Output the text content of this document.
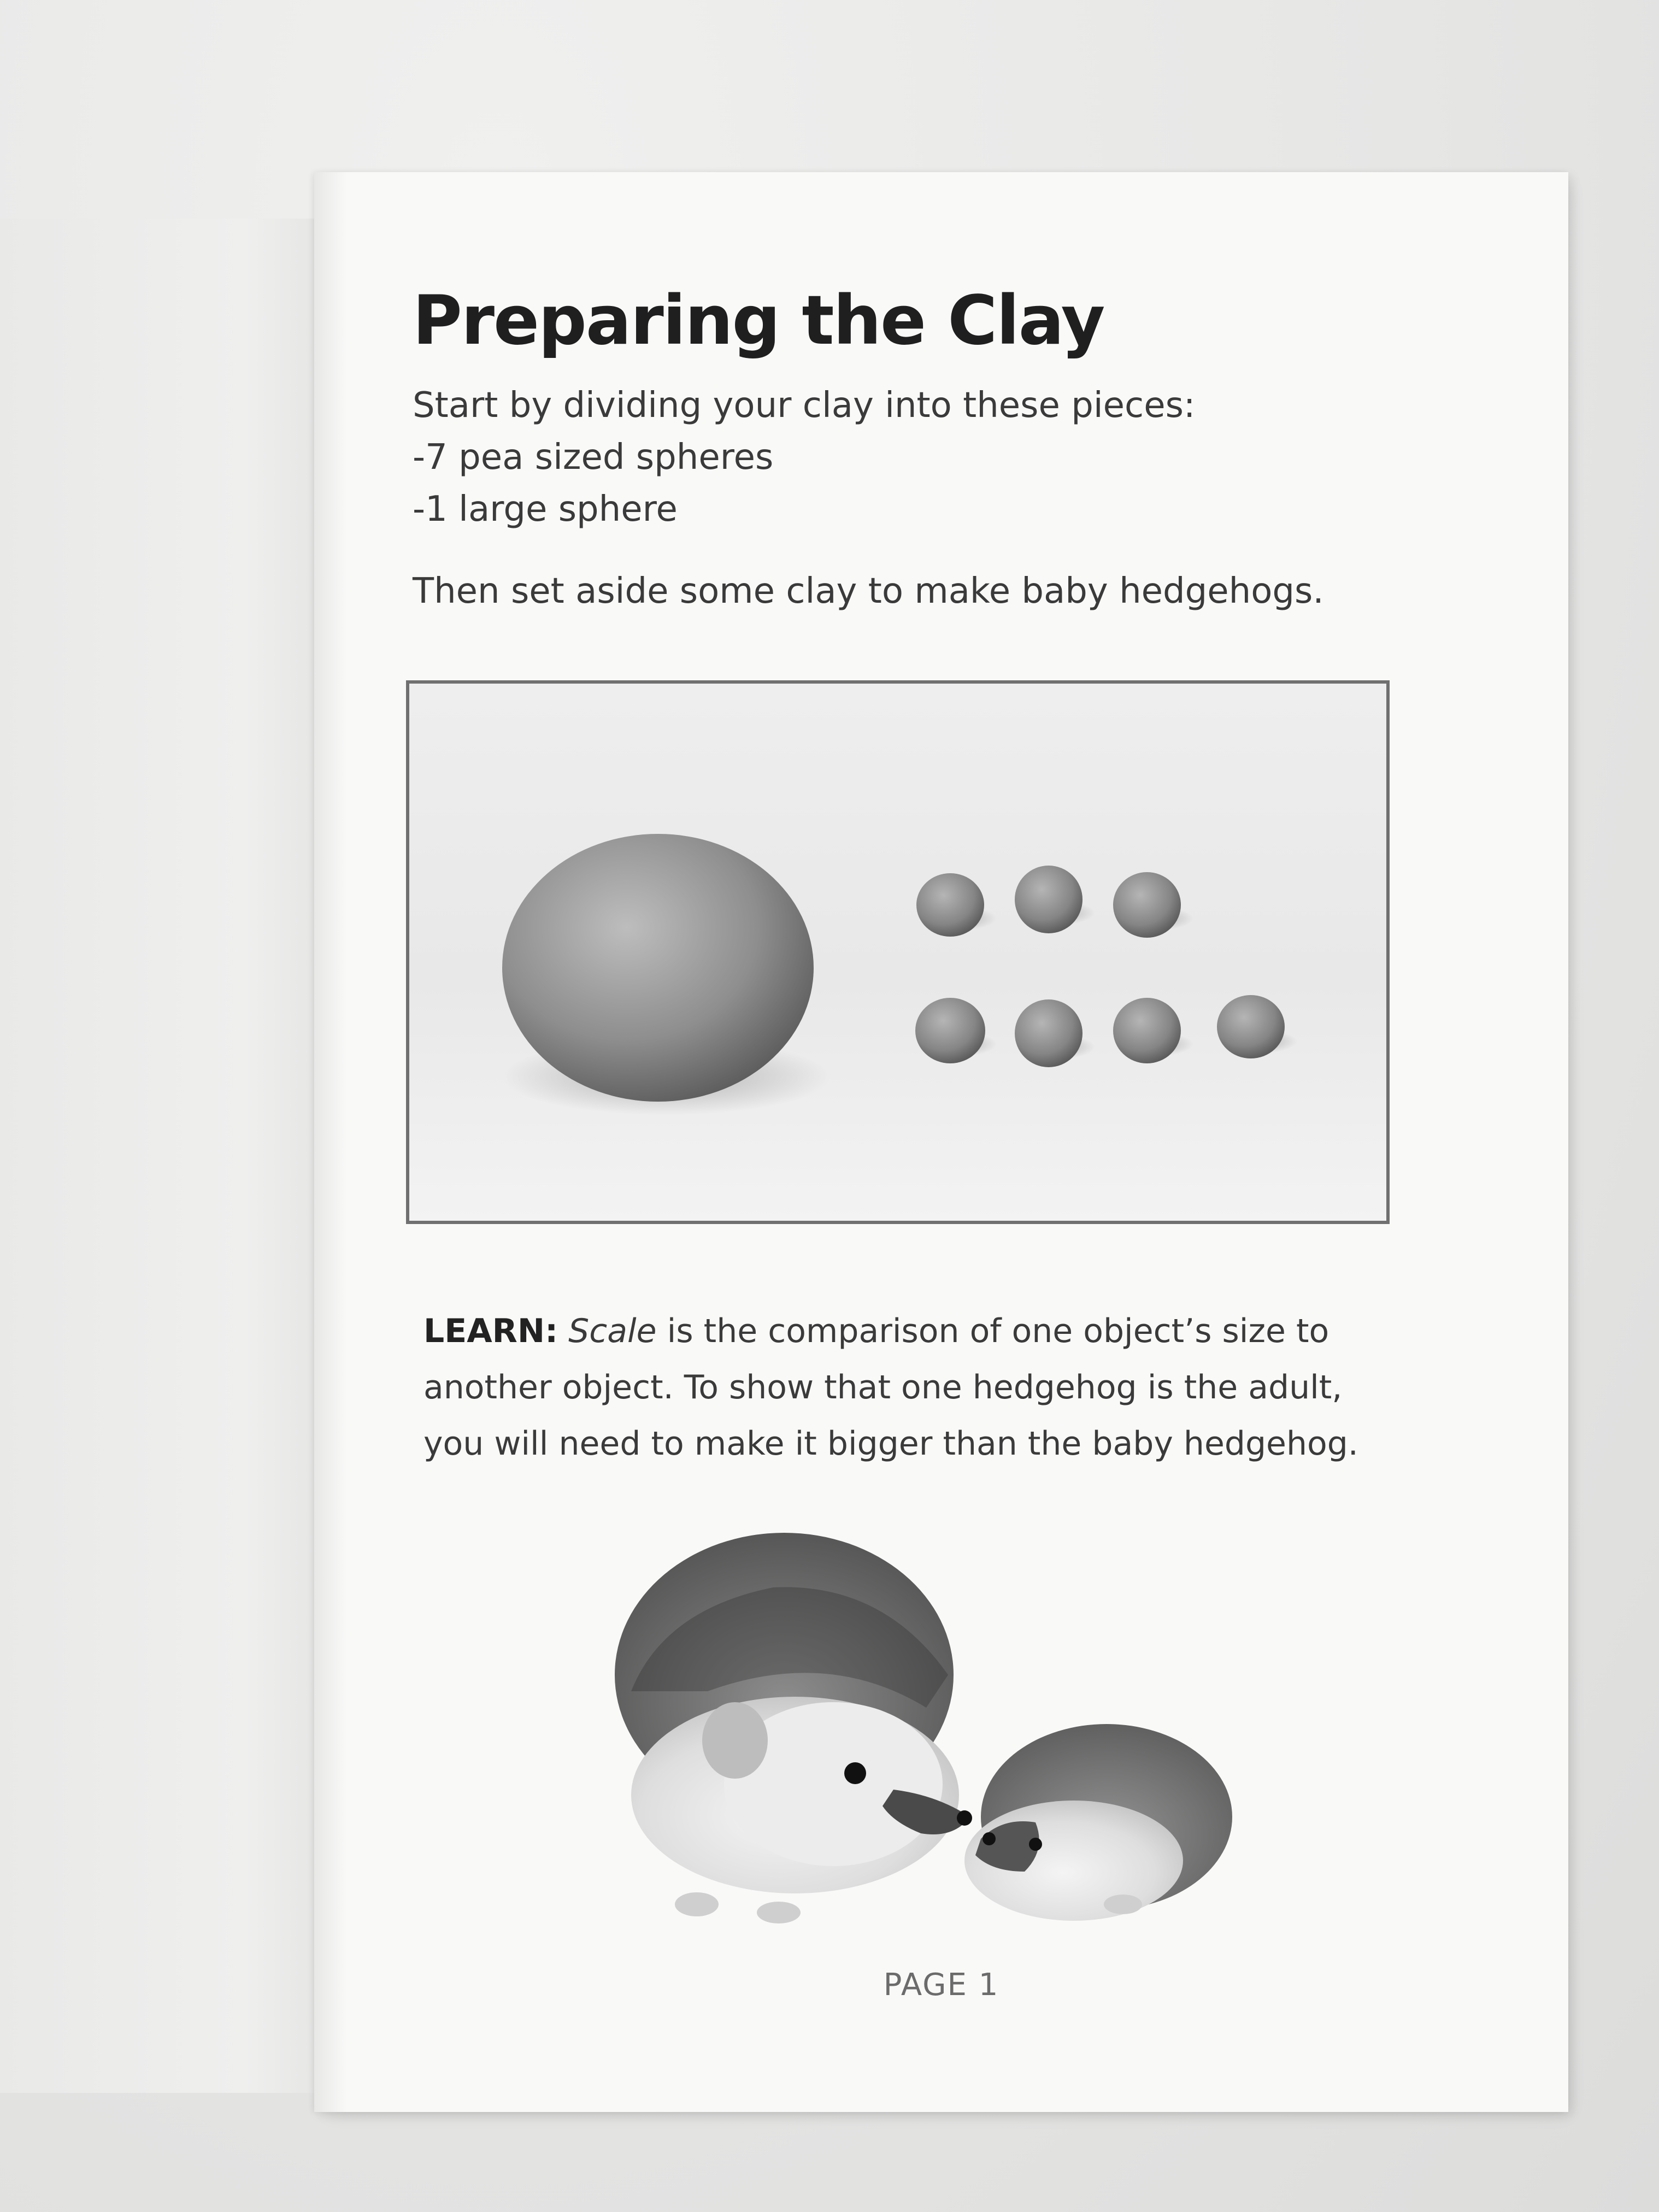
Preparing the Clay
Start by dividing your clay into these pieces:
-7 pea sized spheres
-1 large sphere
Then set aside some clay to make baby hedgehogs.
LEARN: Scale is the comparison of one object’s size to another object. To show that one hedgehog is the adult, you will need to make it bigger than the baby hedgehog.
PAGE 1
